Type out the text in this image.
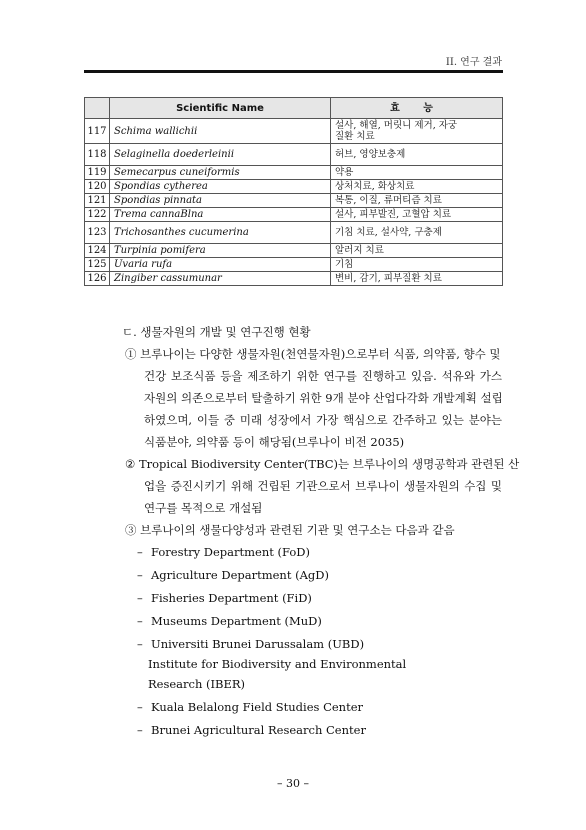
II. 연구 결과
	Scientific Name	효 능
117	Schima wallichii	설사, 해열, 머릿니 제거, 자궁
질환 치료

118	Selaginella doederleinii	허브, 영양보충제

119	Semecarpus cuneiformis	약용

120	Spondias cytherea	상처치료, 화상치료

121	Spondias pinnata	복통, 이질, 류머티즘 치료

122	Trema cannaBlna	설사, 피부발진, 고혈압 치료

123	Trichosanthes cucumerina	기침 치료, 설사약, 구충제

124	Turpinia pomifera	알러지 치료

125	Uvaria rufa	기침

126	Zingiber cassumunar	변비, 감기, 피부질환 치료
ㄷ. 생물자원의 개발 및 연구진행 현황
① 브루나이는 다양한 생물자원(천연물자원)으로부터 식품, 의약품, 향수 및
건강 보조식품 등을 제조하기 위한 연구를 진행하고 있음. 석유와 가스
자원의 의존으로부터 탈출하기 위한 9개 분야 산업다각화 개발계획 설립
하였으며, 이들 중 미래 성장에서 가장 핵심으로 간주하고 있는 분야는
식품분야, 의약품 등이 해당됨(브루나이 비전 2035)
② Tropical Biodiversity Center(TBC)는 브루나이의 생명공학과 관련된 산
업을 증진시키기 위해 건립된 기관으로서 브루나이 생물자원의 수집 및
연구를 목적으로 개설됨
③ 브루나이의 생물다양성과 관련된 기관 및 연구소는 다음과 같음
– Forestry Department (FoD)
– Agriculture Department (AgD)
– Fisheries Department (FiD)
– Museums Department (MuD)
– Universiti Brunei Darussalam (UBD)
Institute for Biodiversity and Environmental
Research (IBER)
– Kuala Belalong Field Studies Center
– Brunei Agricultural Research Center
– 30 –
